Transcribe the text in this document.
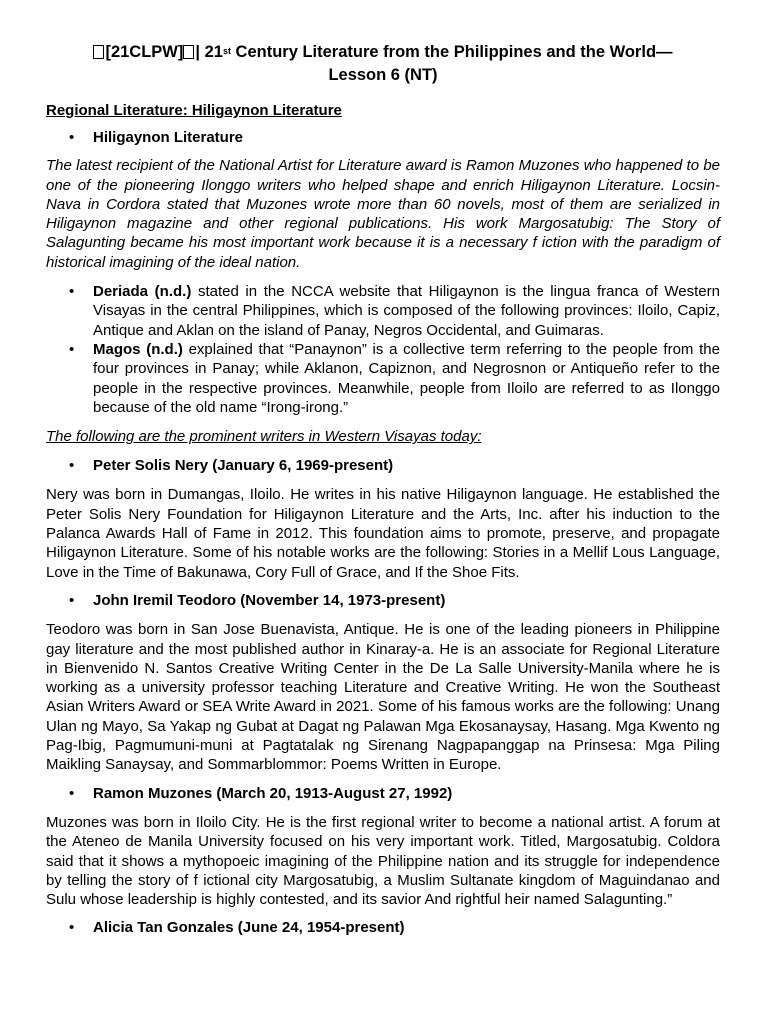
[21CLPW] | 21st Century Literature from the Philippines and the World—
Lesson 6 (NT)
Regional Literature: Hiligaynon Literature
• Hiligaynon Literature

The latest recipient of the National Artist for Literature award is Ramon Muzones who happened to be one of the pioneering Ilonggo writers who helped shape and enrich Hiligaynon Literature. Locsin-Nava in Cordora stated that Muzones wrote more than 60 novels, most of them are serialized in Hiligaynon magazine and other regional publications. His work Margosatubig: The Story of Salagunting became his most important work because it is a necessary f iction with the paradigm of historical imagining of the ideal nation.

• Deriada (n.d.) stated in the NCCA website that Hiligaynon is the lingua franca of Western Visayas in the central Philippines, which is composed of the following provinces: Iloilo, Capiz, Antique and Aklan on the island of Panay, Negros Occidental, and Guimaras.
• Magos (n.d.) explained that “Panaynon” is a collective term referring to the people from the four provinces in Panay; while Aklanon, Capiznon, and Negrosnon or Antiqueño refer to the people in the respective provinces. Meanwhile, people from Iloilo are referred to as Ilonggo because of the old name “Irong-irong.”
The following are the prominent writers in Western Visayas today:
• Peter Solis Nery (January 6, 1969-present)

Nery was born in Dumangas, Iloilo. He writes in his native Hiligaynon language. He established the Peter Solis Nery Foundation for Hiligaynon Literature and the Arts, Inc. after his induction to the Palanca Awards Hall of Fame in 2012. This foundation aims to promote, preserve, and propagate Hiligaynon Literature. Some of his notable works are the following: Stories in a Mellif Lous Language, Love in the Time of Bakunawa, Cory Full of Grace, and If the Shoe Fits.

• John Iremil Teodoro (November 14, 1973-present)

Teodoro was born in San Jose Buenavista, Antique. He is one of the leading pioneers in Philippine gay literature and the most published author in Kinaray-a. He is an associate for Regional Literature in Bienvenido N. Santos Creative Writing Center in the De La Salle University-Manila where he is working as a university professor teaching Literature and Creative Writing. He won the Southeast Asian Writers Award or SEA Write Award in 2021. Some of his famous works are the following: Unang Ulan ng Mayo, Sa Yakap ng Gubat at Dagat ng Palawan Mga Ekosanaysay, Hasang. Mga Kwento ng Pag-Ibig, Pagmumuni-muni at Pagtatalak ng Sirenang Nagpapanggap na Prinsesa: Mga Piling Maikling Sanaysay, and Sommarblommor: Poems Written in Europe.

• Ramon Muzones (March 20, 1913-August 27, 1992)

Muzones was born in Iloilo City. He is the first regional writer to become a national artist. A forum at the Ateneo de Manila University focused on his very important work. Titled, Margosatubig. Coldora said that it shows a mythopoeic imagining of the Philippine nation and its struggle for independence by telling the story of f ictional city Margosatubig, a Muslim Sultanate kingdom of Maguindanao and Sulu whose leadership is highly contested, and its savior And rightful heir named Salagunting.”

• Alicia Tan Gonzales (June 24, 1954-present)
